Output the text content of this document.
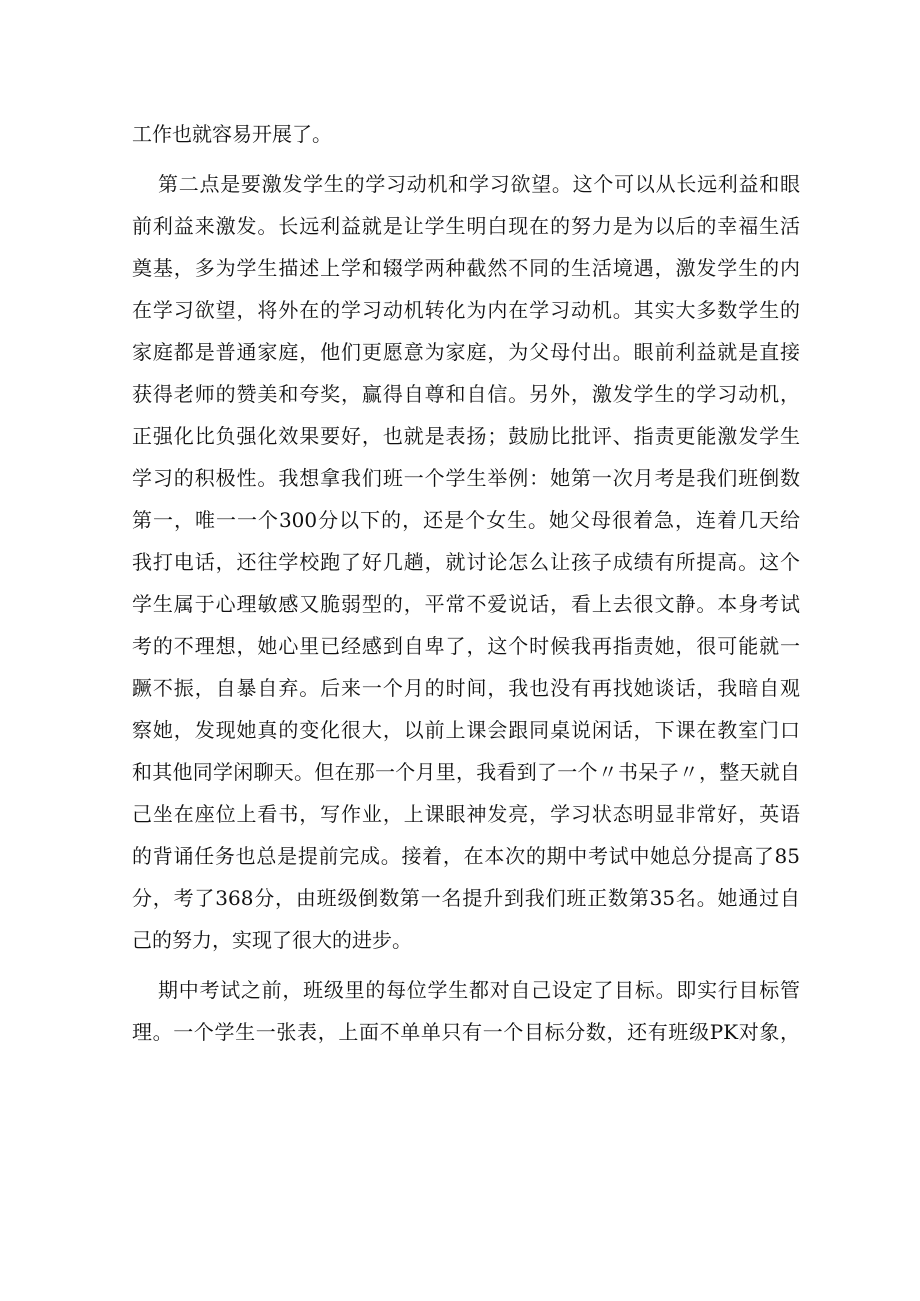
工作也就容易开展了。
第二点是要激发学生的学习动机和学习欲望。这个可以从长远利益和眼
前利益来激发。长远利益就是让学生明白现在的努力是为以后的幸福生活
奠基，多为学生描述上学和辍学两种截然不同的生活境遇，激发学生的内
在学习欲望，将外在的学习动机转化为内在学习动机。其实大多数学生的
家庭都是普通家庭，他们更愿意为家庭，为父母付出。眼前利益就是直接
获得老师的赞美和夸奖，赢得自尊和自信。另外，激发学生的学习动机，
正强化比负强化效果要好，也就是表扬；鼓励比批评、指责更能激发学生
学习的积极性。我想拿我们班一个学生举例：她第一次月考是我们班倒数
第一，唯一一个300分以下的，还是个女生。她父母很着急，连着几天给
我打电话，还往学校跑了好几趟，就讨论怎么让孩子成绩有所提高。这个
学生属于心理敏感又脆弱型的，平常不爱说话，看上去很文静。本身考试
考的不理想，她心里已经感到自卑了，这个时候我再指责她，很可能就一
蹶不振，自暴自弃。后来一个月的时间，我也没有再找她谈话，我暗自观
察她，发现她真的变化很大，以前上课会跟同桌说闲话，下课在教室门口
和其他同学闲聊天。但在那一个月里，我看到了一个〃书呆子〃，整天就自
己坐在座位上看书，写作业，上课眼神发亮，学习状态明显非常好，英语
的背诵任务也总是提前完成。接着，在本次的期中考试中她总分提高了85
分，考了368分，由班级倒数第一名提升到我们班正数第35名。她通过自
己的努力，实现了很大的进步。
期中考试之前，班级里的每位学生都对自己设定了目标。即实行目标管
理。一个学生一张表，上面不单单只有一个目标分数，还有班级PK对象，
